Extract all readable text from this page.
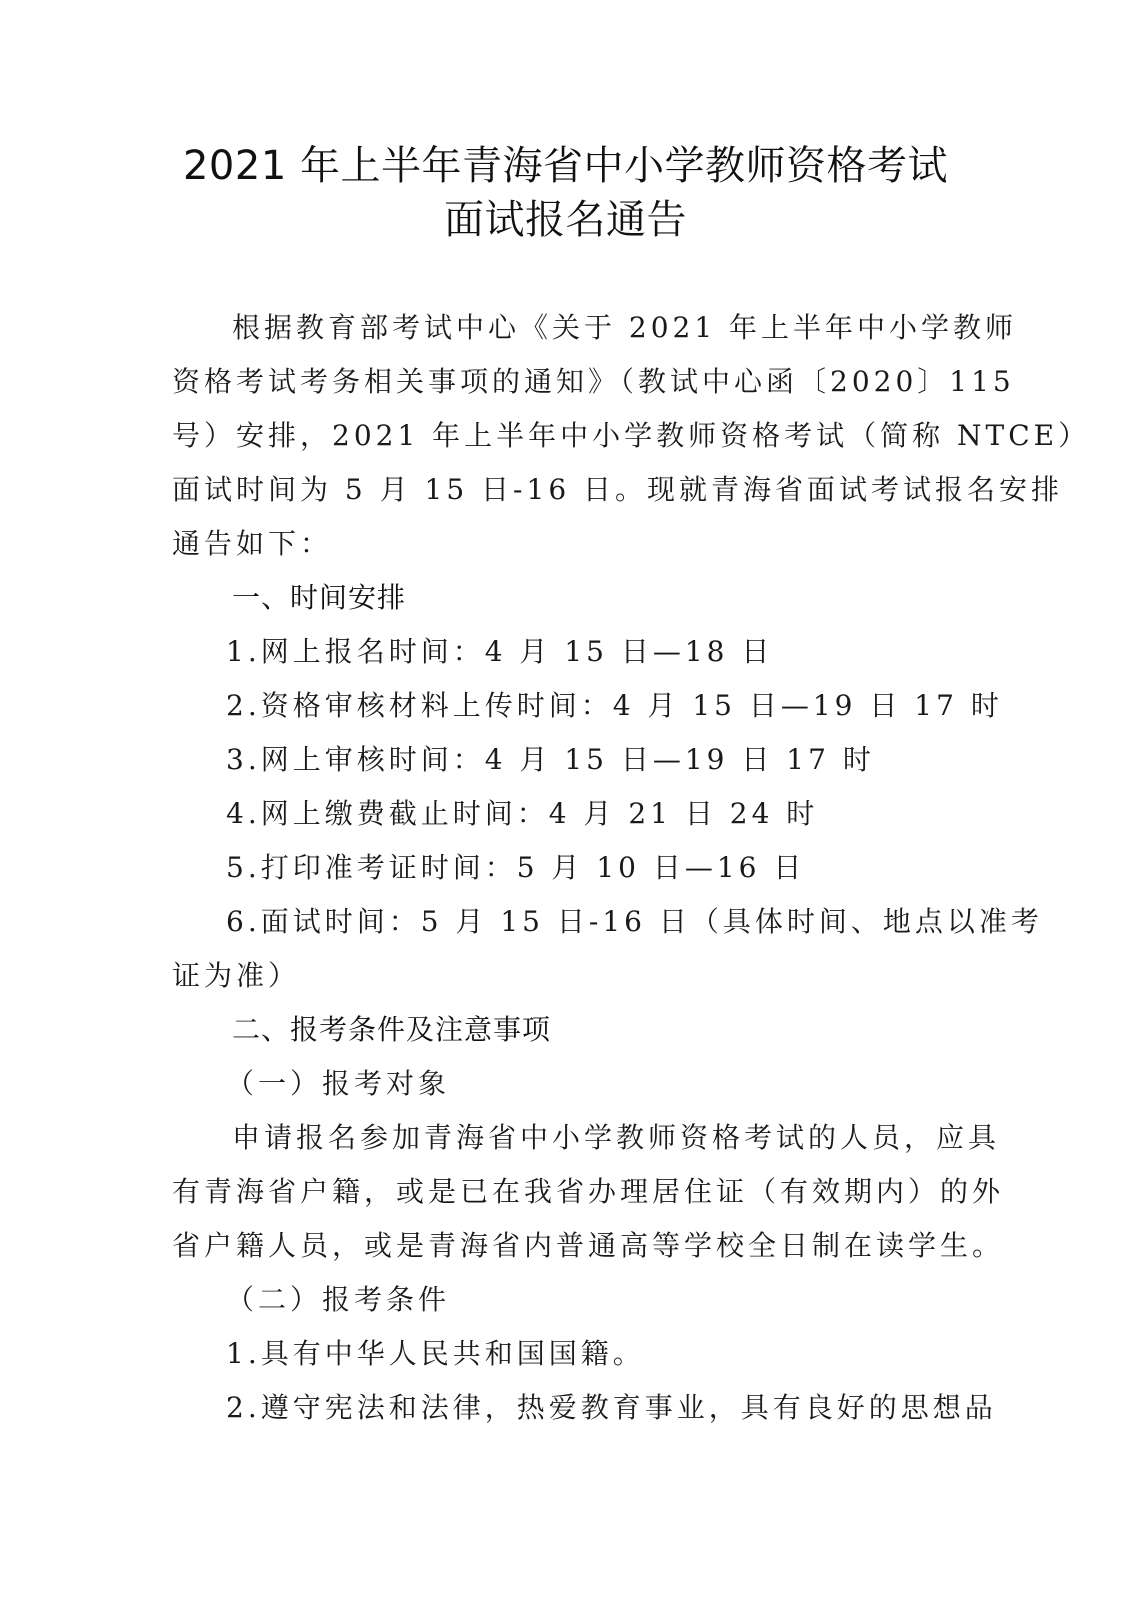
2021 年上半年青海省中小学教师资格考试
面试报名通告
根据教育部考试中心《关于 2021 年上半年中小学教师
资格考试考务相关事项的通知》（教试中心函〔2020〕115
号）安排，2021 年上半年中小学教师资格考试（简称 NTCE）
面试时间为 5 月 15 日-16 日。现就青海省面试考试报名安排
通告如下：
一、时间安排
1.网上报名时间：4 月 15 日—18 日
2.资格审核材料上传时间：4 月 15 日—19 日 17 时
3.网上审核时间：4 月 15 日—19 日 17 时
4.网上缴费截止时间：4 月 21 日 24 时
5.打印准考证时间：5 月 10 日—16 日
6.面试时间：5 月 15 日-16 日（具体时间、地点以准考
证为准）
二、报考条件及注意事项
（一）报考对象
申请报名参加青海省中小学教师资格考试的人员，应具
有青海省户籍，或是已在我省办理居住证（有效期内）的外
省户籍人员，或是青海省内普通高等学校全日制在读学生。
（二）报考条件
1.具有中华人民共和国国籍。
2.遵守宪法和法律，热爱教育事业，具有良好的思想品
